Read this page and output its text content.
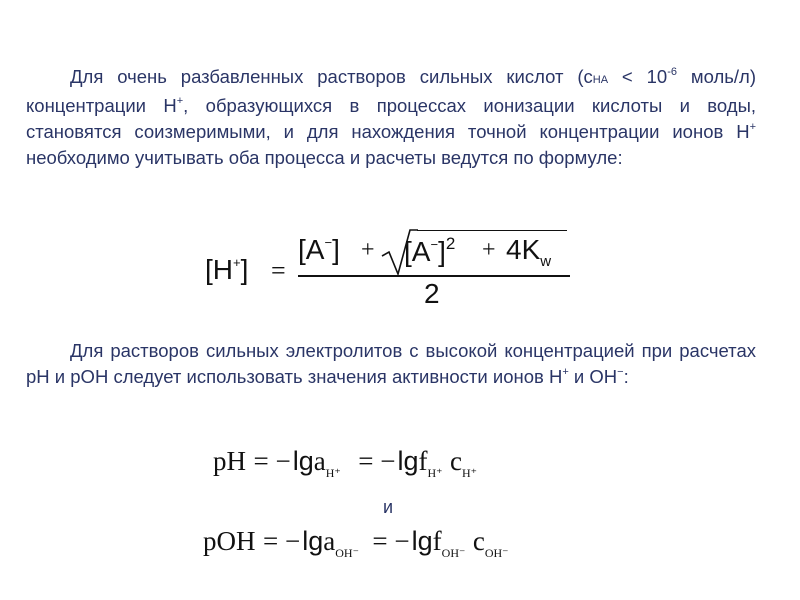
Для очень разбавленных растворов сильных кислот ($сНА < 10^{-6}$ моль/л) концентрации Н+, образующихся в процессах ионизации кислоты и воды, становятся соизмеримыми, и для нахождения точной концентрации ионов Н+ необходимо учитывать оба процесса и расчеты ведутся по формуле:
[H+] =
$[A^-] + [A^-]^2 + 4K_w$
2
Для растворов сильных электролитов с высокой концентрацией при расчетах pH и pOH следует использовать значения активности ионов Н+ и ОН−:
pH = −lga$_{H^+}$ = −lgf$_{H^+}$ $c_{H^+}$
и
pOH = −lga$_{OH^-}$ = −lgf$_{OH^-}$ $c_{OH^-}$
